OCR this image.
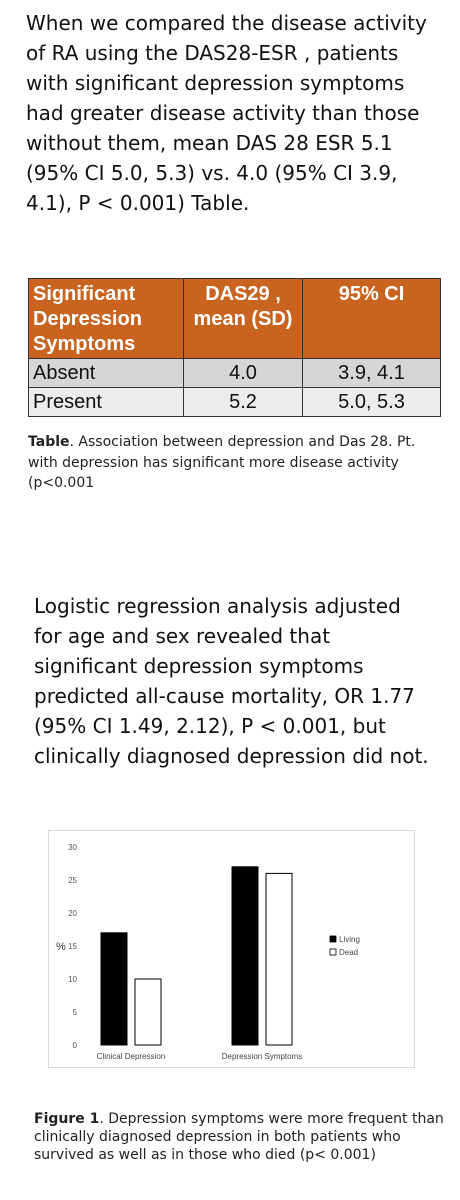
When we compared the disease activity of RA using the DAS28-ESR , patients with significant depression symptoms had greater disease activity than those without them, mean DAS 28 ESR 5.1 (95% CI 5.0, 5.3) vs. 4.0 (95% CI 3.9, 4.1), P < 0.001) Table.

Significant Depression Symptoms	DAS29 , mean (SD)	95% CI
Absent	4.0	3.9, 4.1
Present	5.2	5.0, 5.3

Table. Association between depression and Das 28. Pt. with depression has significant more disease activity (p<0.001

Logistic regression analysis adjusted for age and sex revealed that significant depression symptoms predicted all-cause mortality, OR 1.77 (95% CI 1.49, 2.12), P < 0.001, but clinically diagnosed depression did not.

0
5
10
15
20
25
30
%
Clinical Depression	Depression Symptoms
Living
Dead

Figure 1. Depression symptoms were more frequent than clinically diagnosed depression in both patients who survived as well as in those who died (p< 0.001)
